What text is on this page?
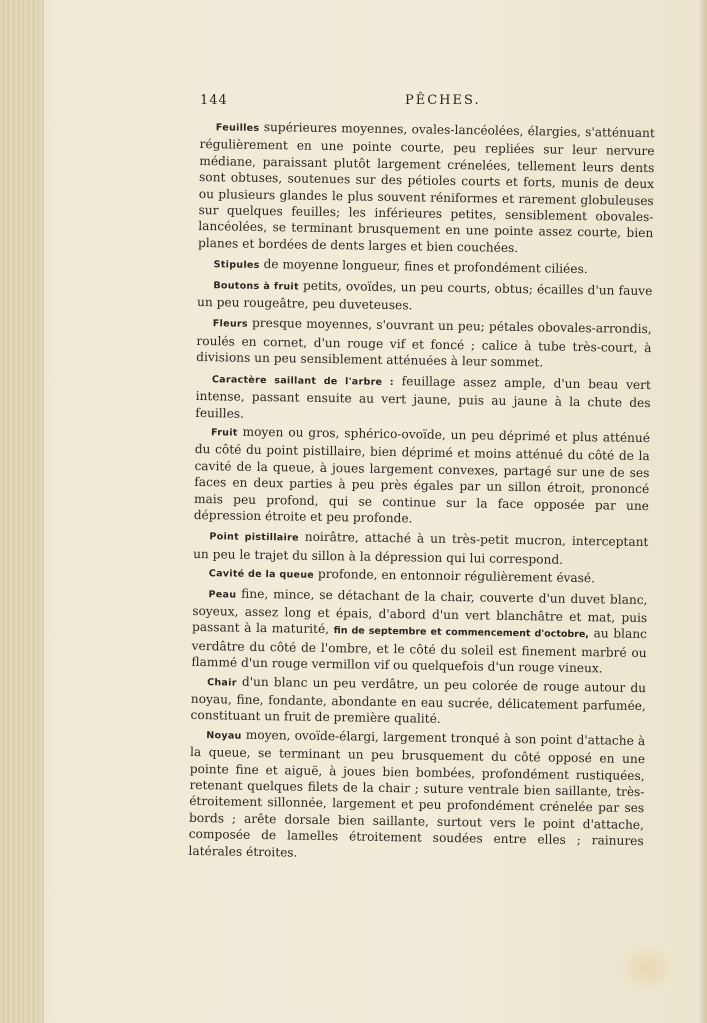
144	PÊCHES.

Feuilles supérieures moyennes, ovales-lancéolées, élargies, s'atténuant régulièrement en une pointe courte, peu repliées sur leur nervure médiane, paraissant plutôt largement crénelées, tellement leurs dents sont obtuses, soutenues sur des pétioles courts et forts, munis de deux ou plusieurs glandes le plus souvent réniformes et rarement globuleuses sur quelques feuilles; les inférieures petites, sensiblement obovales-lancéolées, se terminant brusquement en une pointe assez courte, bien planes et bordées de dents larges et bien couchées.

Stipules de moyenne longueur, fines et profondément ciliées.

Boutons à fruit petits, ovoïdes, un peu courts, obtus; écailles d'un fauve un peu rougeâtre, peu duveteuses.

Fleurs presque moyennes, s'ouvrant un peu; pétales obovales-arrondis, roulés en cornet, d'un rouge vif et foncé ; calice à tube très-court, à divisions un peu sensiblement atténuées à leur sommet.

Caractère saillant de l'arbre : feuillage assez ample, d'un beau vert intense, passant ensuite au vert jaune, puis au jaune à la chute des feuilles.

Fruit moyen ou gros, sphérico-ovoïde, un peu déprimé et plus atténué du côté du point pistillaire, bien déprimé et moins atténué du côté de la cavité de la queue, à joues largement convexes, partagé sur une de ses faces en deux parties à peu près égales par un sillon étroit, prononcé mais peu profond, qui se continue sur la face opposée par une dépression étroite et peu profonde.

Point pistillaire noirâtre, attaché à un très-petit mucron, interceptant un peu le trajet du sillon à la dépression qui lui correspond.

Cavité de la queue profonde, en entonnoir régulièrement évasé.

Peau fine, mince, se détachant de la chair, couverte d'un duvet blanc, soyeux, assez long et épais, d'abord d'un vert blanchâtre et mat, puis passant à la maturité, fin de septembre et commencement d'octobre, au blanc verdâtre du côté de l'ombre, et le côté du soleil est finement marbré ou flammé d'un rouge vermillon vif ou quelquefois d'un rouge vineux.

Chair d'un blanc un peu verdâtre, un peu colorée de rouge autour du noyau, fine, fondante, abondante en eau sucrée, délicatement parfumée, constituant un fruit de première qualité.

Noyau moyen, ovoïde-élargi, largement tronqué à son point d'attache à la queue, se terminant un peu brusquement du côté opposé en une pointe fine et aiguë, à joues bien bombées, profondément rustiquées, retenant quelques filets de la chair ; suture ventrale bien saillante, très-étroitement sillonnée, largement et peu profondément crénelée par ses bords ; arête dorsale bien saillante, surtout vers le point d'attache, composée de lamelles étroitement soudées entre elles ; rainures latérales étroites.
